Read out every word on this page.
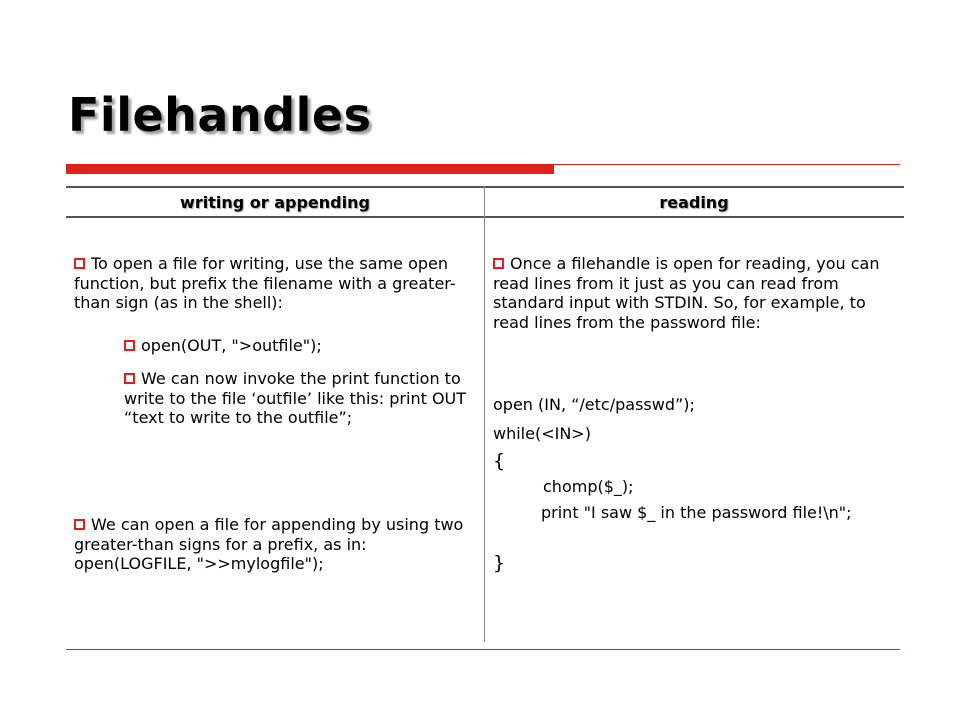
Filehandles
writing or appending	reading
To open a file for writing, use the same open function, but prefix the filename with a greater-than sign (as in the shell):
open(OUT, ">outfile");
We can now invoke the print function to write to the file ‘outfile’ like this: print OUT “text to write to the outfile”;
We can open a file for appending by using two greater-than signs for a prefix, as in: open(LOGFILE, ">>mylogfile");
Once a filehandle is open for reading, you can read lines from it just as you can read from standard input with STDIN. So, for example, to read lines from the password file:
open (IN, “/etc/passwd”);
while(<IN>)
{
chomp($_);
print "I saw $_ in the password file!\n";
}
